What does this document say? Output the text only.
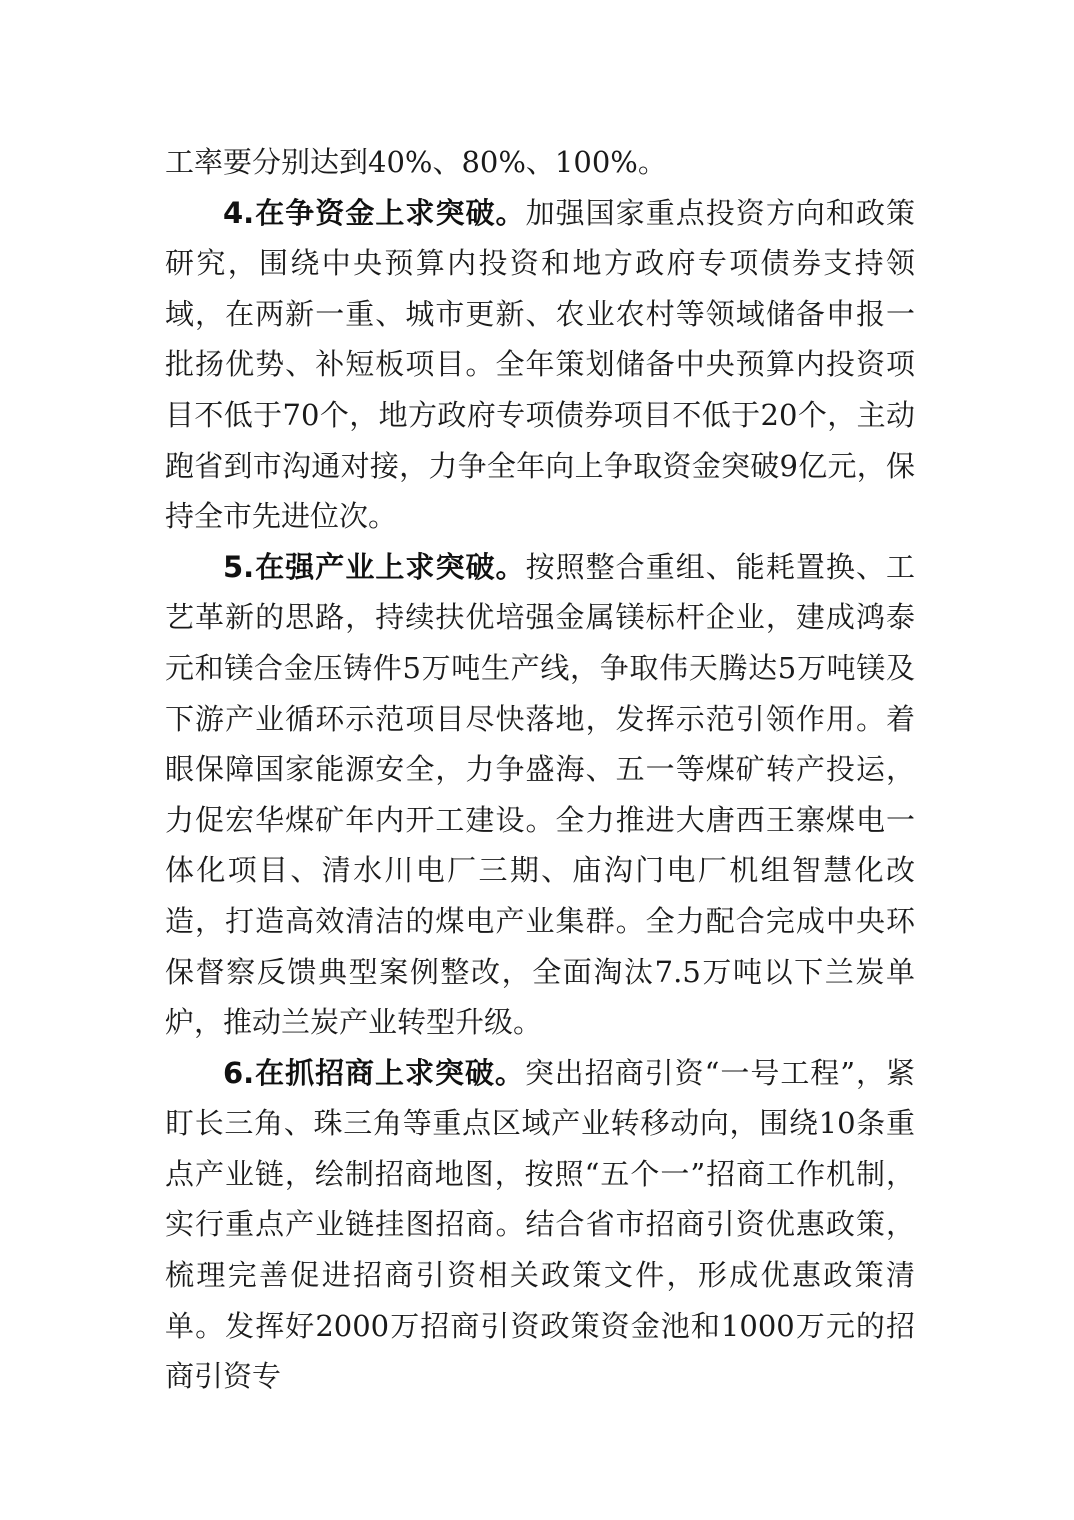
工率要分别达到40%、80%、100%。

4.在争资金上求突破。加强国家重点投资方向和政策研究，围绕中央预算内投资和地方政府专项债券支持领域，在两新一重、城市更新、农业农村等领域储备申报一批扬优势、补短板项目。全年策划储备中央预算内投资项目不低于70个，地方政府专项债券项目不低于20个，主动跑省到市沟通对接，力争全年向上争取资金突破9亿元，保持全市先进位次。

5.在强产业上求突破。按照整合重组、能耗置换、工艺革新的思路，持续扶优培强金属镁标杆企业，建成鸿泰元和镁合金压铸件5万吨生产线，争取伟天腾达5万吨镁及下游产业循环示范项目尽快落地，发挥示范引领作用。着眼保障国家能源安全，力争盛海、五一等煤矿转产投运，力促宏华煤矿年内开工建设。全力推进大唐西王寨煤电一体化项目、清水川电厂三期、庙沟门电厂机组智慧化改造，打造高效清洁的煤电产业集群。全力配合完成中央环保督察反馈典型案例整改，全面淘汰7.5万吨以下兰炭单炉，推动兰炭产业转型升级。

6.在抓招商上求突破。突出招商引资“一号工程”，紧盯长三角、珠三角等重点区域产业转移动向，围绕10条重点产业链，绘制招商地图，按照“五个一”招商工作机制，实行重点产业链挂图招商。结合省市招商引资优惠政策，梳理完善促进招商引资相关政策文件，形成优惠政策清单。发挥好2000万招商引资政策资金池和1000万元的招商引资专
